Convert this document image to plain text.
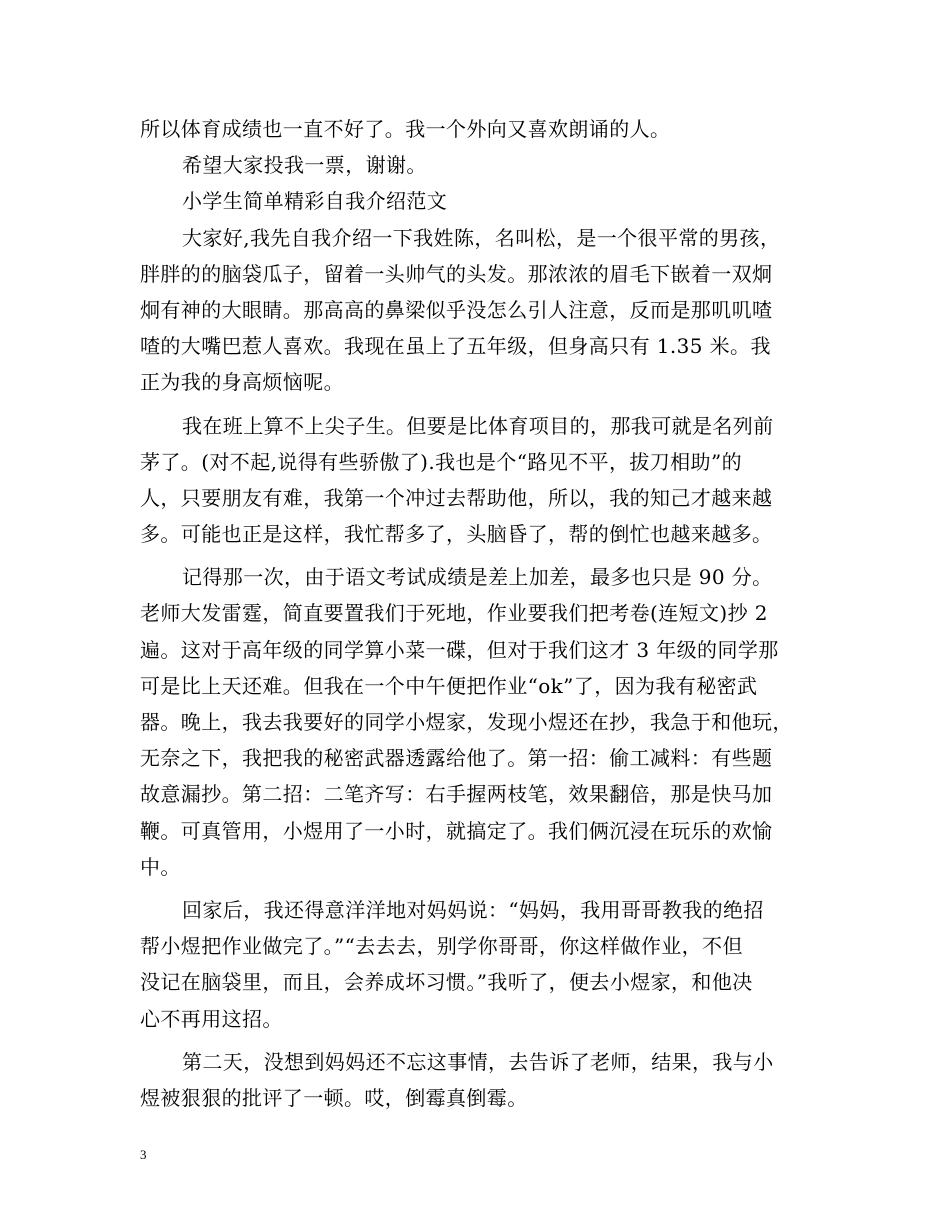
所以体育成绩也一直不好了。我一个外向又喜欢朗诵的人。
希望大家投我一票，谢谢。
小学生简单精彩自我介绍范文
大家好,我先自我介绍一下我姓陈，名叫松，是一个很平常的男孩，
胖胖的的脑袋瓜子，留着一头帅气的头发。那浓浓的眉毛下嵌着一双炯
炯有神的大眼睛。那高高的鼻梁似乎没怎么引人注意，反而是那叽叽喳
喳的大嘴巴惹人喜欢。我现在虽上了五年级，但身高只有 1.35 米。我
正为我的身高烦恼呢。
我在班上算不上尖子生。但要是比体育项目的，那我可就是名列前
茅了。(对不起,说得有些骄傲了).我也是个“路见不平，拔刀相助”的
人，只要朋友有难，我第一个冲过去帮助他，所以，我的知己才越来越
多。可能也正是这样，我忙帮多了，头脑昏了，帮的倒忙也越来越多。
记得那一次，由于语文考试成绩是差上加差，最多也只是 90 分。
老师大发雷霆，简直要置我们于死地，作业要我们把考卷(连短文)抄 2
遍。这对于高年级的同学算小菜一碟，但对于我们这才 3 年级的同学那
可是比上天还难。但我在一个中午便把作业“ok”了，因为我有秘密武
器。晚上，我去我要好的同学小煜家，发现小煜还在抄，我急于和他玩，
无奈之下，我把我的秘密武器透露给他了。第一招：偷工减料：有些题
故意漏抄。第二招：二笔齐写：右手握两枝笔，效果翻倍，那是快马加
鞭。可真管用，小煜用了一小时，就搞定了。我们俩沉浸在玩乐的欢愉
中。
回家后，我还得意洋洋地对妈妈说：“妈妈，我用哥哥教我的绝招
帮小煜把作业做完了。”“去去去，别学你哥哥，你这样做作业，不但
没记在脑袋里，而且，会养成坏习惯。”我听了，便去小煜家，和他决
心不再用这招。
第二天，没想到妈妈还不忘这事情，去告诉了老师，结果，我与小
煜被狠狠的批评了一顿。哎，倒霉真倒霉。
3
